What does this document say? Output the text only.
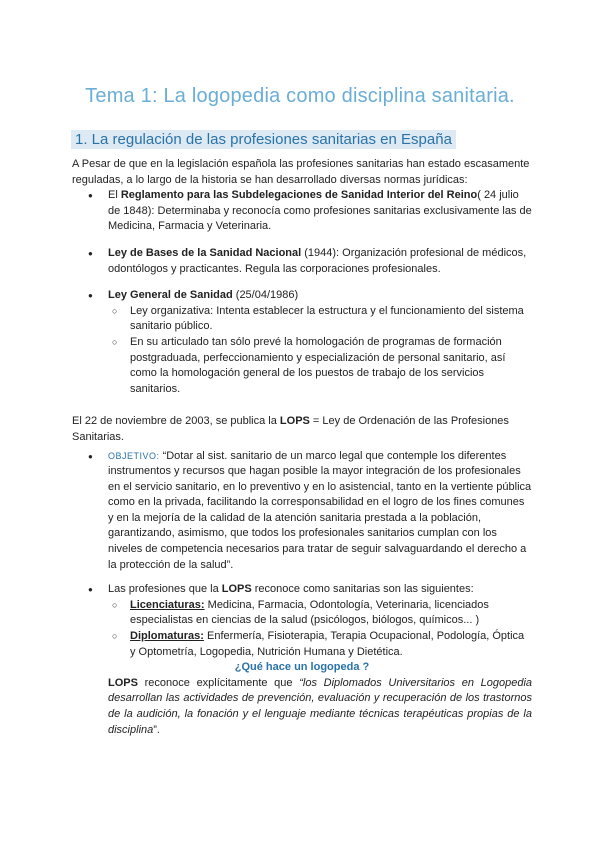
Tema 1: La logopedia como disciplina sanitaria.
1. La regulación de las profesiones sanitarias en España

A Pesar de que en la legislación española las profesiones sanitarias han estado escasamente reguladas, a lo largo de la historia se han desarrollado diversas normas jurídicas:

● El Reglamento para las Subdelegaciones de Sanidad Interior del Reino( 24 julio de 1848): Determinaba y reconocía como profesiones sanitarias exclusivamente las de Medicina, Farmacia y Veterinaria.
● Ley de Bases de la Sanidad Nacional (1944): Organización profesional de médicos, odontólogos y practicantes. Regula las corporaciones profesionales.
● Ley General de Sanidad (25/04/1986)
○ Ley organizativa: Intenta establecer la estructura y el funcionamiento del sistema sanitario público.
○ En su articulado tan sólo prevé la homologación de programas de formación postgraduada, perfeccionamiento y especialización de personal sanitario, así como la homologación general de los puestos de trabajo de los servicios sanitarios.

El 22 de noviembre de 2003, se publica la LOPS = Ley de Ordenación de las Profesiones Sanitarias.

● OBJETIVO: “Dotar al sist. sanitario de un marco legal que contemple los diferentes instrumentos y recursos que hagan posible la mayor integración de los profesionales en el servicio sanitario, en lo preventivo y en lo asistencial, tanto en la vertiente pública como en la privada, facilitando la corresponsabilidad en el logro de los fines comunes y en la mejoría de la calidad de la atención sanitaria prestada a la población, garantizando, asimismo, que todos los profesionales sanitarios cumplan con los niveles de competencia necesarios para tratar de seguir salvaguardando el derecho a la protección de la salud”.
● Las profesiones que la LOPS reconoce como sanitarias son las siguientes:
○ Licenciaturas: Medicina, Farmacia, Odontología, Veterinaria, licenciados especialistas en ciencias de la salud (psicólogos, biólogos, químicos... )
○ Diplomaturas: Enfermería, Fisioterapia, Terapia Ocupacional, Podología, Óptica y Optometría, Logopedia, Nutrición Humana y Dietética.
¿Qué hace un logopeda ?

LOPS reconoce explícitamente que “los Diplomados Universitarios en Logopedia desarrollan las actividades de prevención, evaluación y recuperación de los trastornos de la audición, la fonación y el lenguaje mediante técnicas terapéuticas propias de la disciplina”.
